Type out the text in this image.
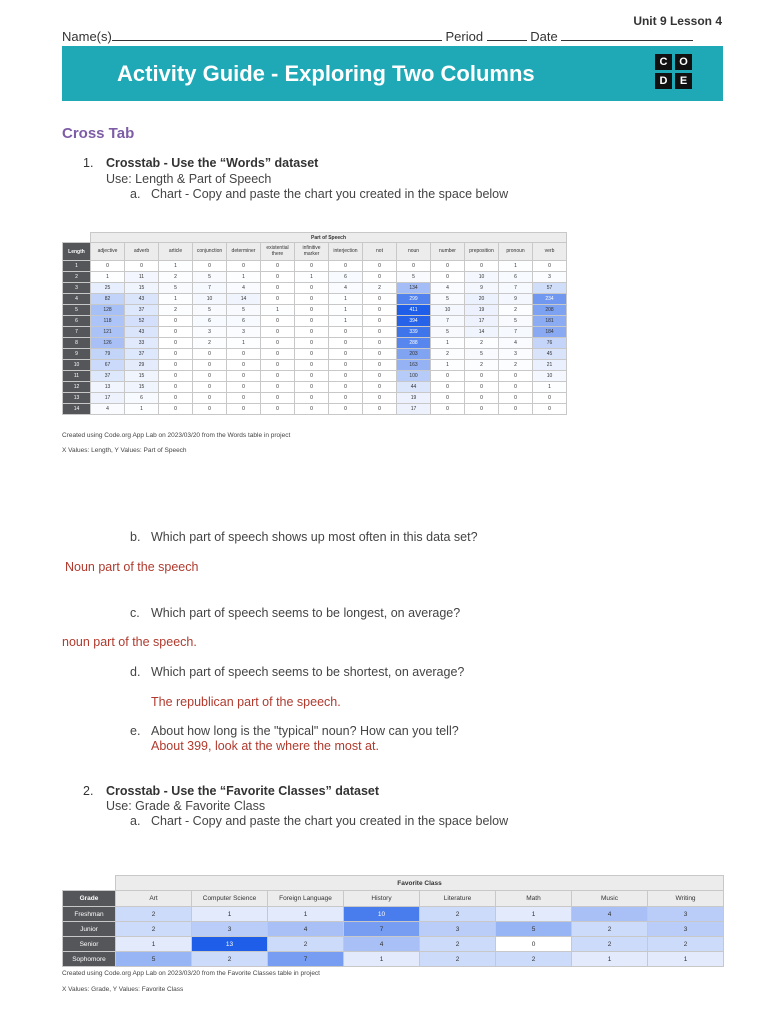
Unit 9 Lesson 4
Name(s)	Period	Date
Activity Guide - Exploring Two Columns	C	O
D	E
Cross Tab
1. Crosstab - Use the “Words” dataset
Use: Length & Part of Speech
a. Chart - Copy and paste the chart you created in the space below
	Part of Speech													
Length	adjective	adverb	article	conjunction	determiner	existential there	infinitive marker	interjection	not	noun	number	preposition	pronoun	verb
1	0	0	1	0	0	0	0	0	0	0	0	0	1	0
2	1	11	2	5	1	0	1	6	0	5	0	10	6	3
3	25	15	5	7	4	0	0	4	2	134	4	9	7	57
4	82	43	1	10	14	0	0	1	0	299	5	20	9	234
5	128	37	2	5	5	1	0	1	0	411	10	19	2	208
6	118	52	0	6	6	0	0	1	0	394	7	17	5	181
7	121	43	0	3	3	0	0	0	0	339	5	14	7	184
8	126	33	0	2	1	0	0	0	0	288	1	2	4	76
9	79	37	0	0	0	0	0	0	0	203	2	5	3	45
10	67	29	0	0	0	0	0	0	0	163	1	2	2	21
11	37	15	0	0	0	0	0	0	0	100	0	0	0	10
12	13	15	0	0	0	0	0	0	0	44	0	0	0	1
13	17	6	0	0	0	0	0	0	0	19	0	0	0	0
14	4	1	0	0	0	0	0	0	0	17	0	0	0	0
Created using Code.org App Lab on 2023/03/20 from the Words table in project
X Values: Length, Y Values: Part of Speech
b. Which part of speech shows up most often in this data set?
Noun part of the speech
c. Which part of speech seems to be longest, on average?
noun part of the speech.
d. Which part of speech seems to be shortest, on average?
The republican part of the speech.
e. About how long is the "typical" noun? How can you tell?
About 399, look at the where the most at.
2. Crosstab - Use the “Favorite Classes” dataset
Use: Grade & Favorite Class
a. Chart - Copy and paste the chart you created in the space below
	Favorite Class							
Grade	Art	Computer Science	Foreign Language	History	Literature	Math	Music	Writing
Freshman	2	1	1	10	2	1	4	3
Junior	2	3	4	7	3	5	2	3
Senior	1	13	2	4	2	0	2	2
Sophomore	5	2	7	1	2	2	1	1
Created using Code.org App Lab on 2023/03/20 from the Favorite Classes table in project
X Values: Grade, Y Values: Favorite Class
